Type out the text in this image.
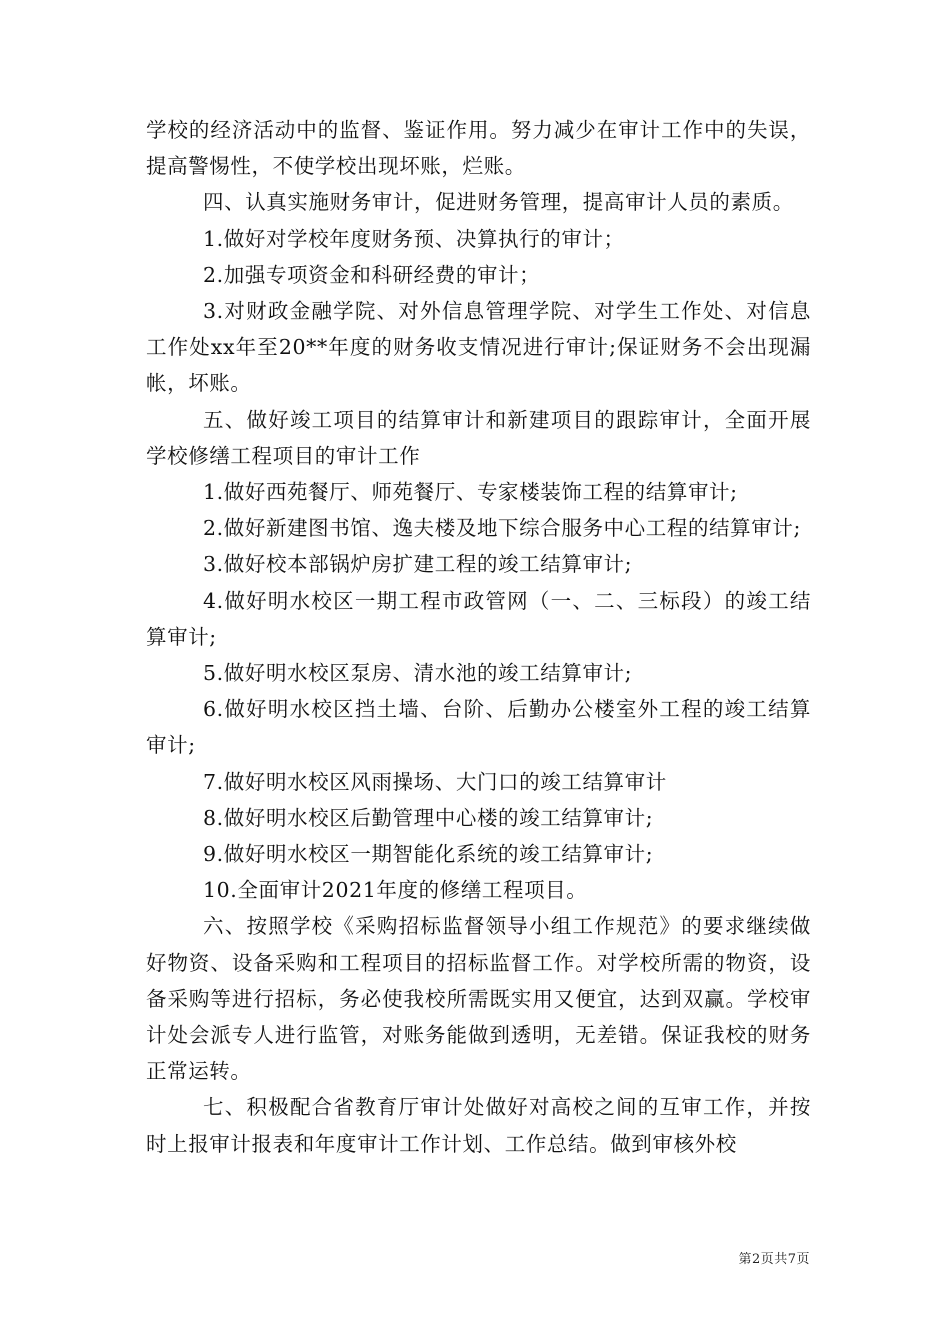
学校的经济活动中的监督、鉴证作用。努力减少在审计工作中的失误，提高警惕性，不使学校出现坏账，烂账。

四、认真实施财务审计，促进财务管理，提高审计人员的素质。

1.做好对学校年度财务预、决算执行的审计；

2.加强专项资金和科研经费的审计；

3.对财政金融学院、对外信息管理学院、对学生工作处、对信息工作处xx年至20**年度的财务收支情况进行审计;保证财务不会出现漏帐，坏账。

五、做好竣工项目的结算审计和新建项目的跟踪审计，全面开展学校修缮工程项目的审计工作

1.做好西苑餐厅、师苑餐厅、专家楼装饰工程的结算审计;

2.做好新建图书馆、逸夫楼及地下综合服务中心工程的结算审计;

3.做好校本部锅炉房扩建工程的竣工结算审计;

4.做好明水校区一期工程市政管网（一、二、三标段）的竣工结算审计;

5.做好明水校区泵房、清水池的竣工结算审计;

6.做好明水校区挡土墙、台阶、后勤办公楼室外工程的竣工结算审计;

7.做好明水校区风雨操场、大门口的竣工结算审计

8.做好明水校区后勤管理中心楼的竣工结算审计;

9.做好明水校区一期智能化系统的竣工结算审计;

10.全面审计2021年度的修缮工程项目。

六、按照学校《采购招标监督领导小组工作规范》的要求继续做好物资、设备采购和工程项目的招标监督工作。对学校所需的物资，设备采购等进行招标，务必使我校所需既实用又便宜，达到双赢。学校审计处会派专人进行监管，对账务能做到透明，无差错。保证我校的财务正常运转。

七、积极配合省教育厅审计处做好对高校之间的互审工作，并按时上报审计报表和年度审计工作计划、工作总结。做到审核外校

第2页共7页
